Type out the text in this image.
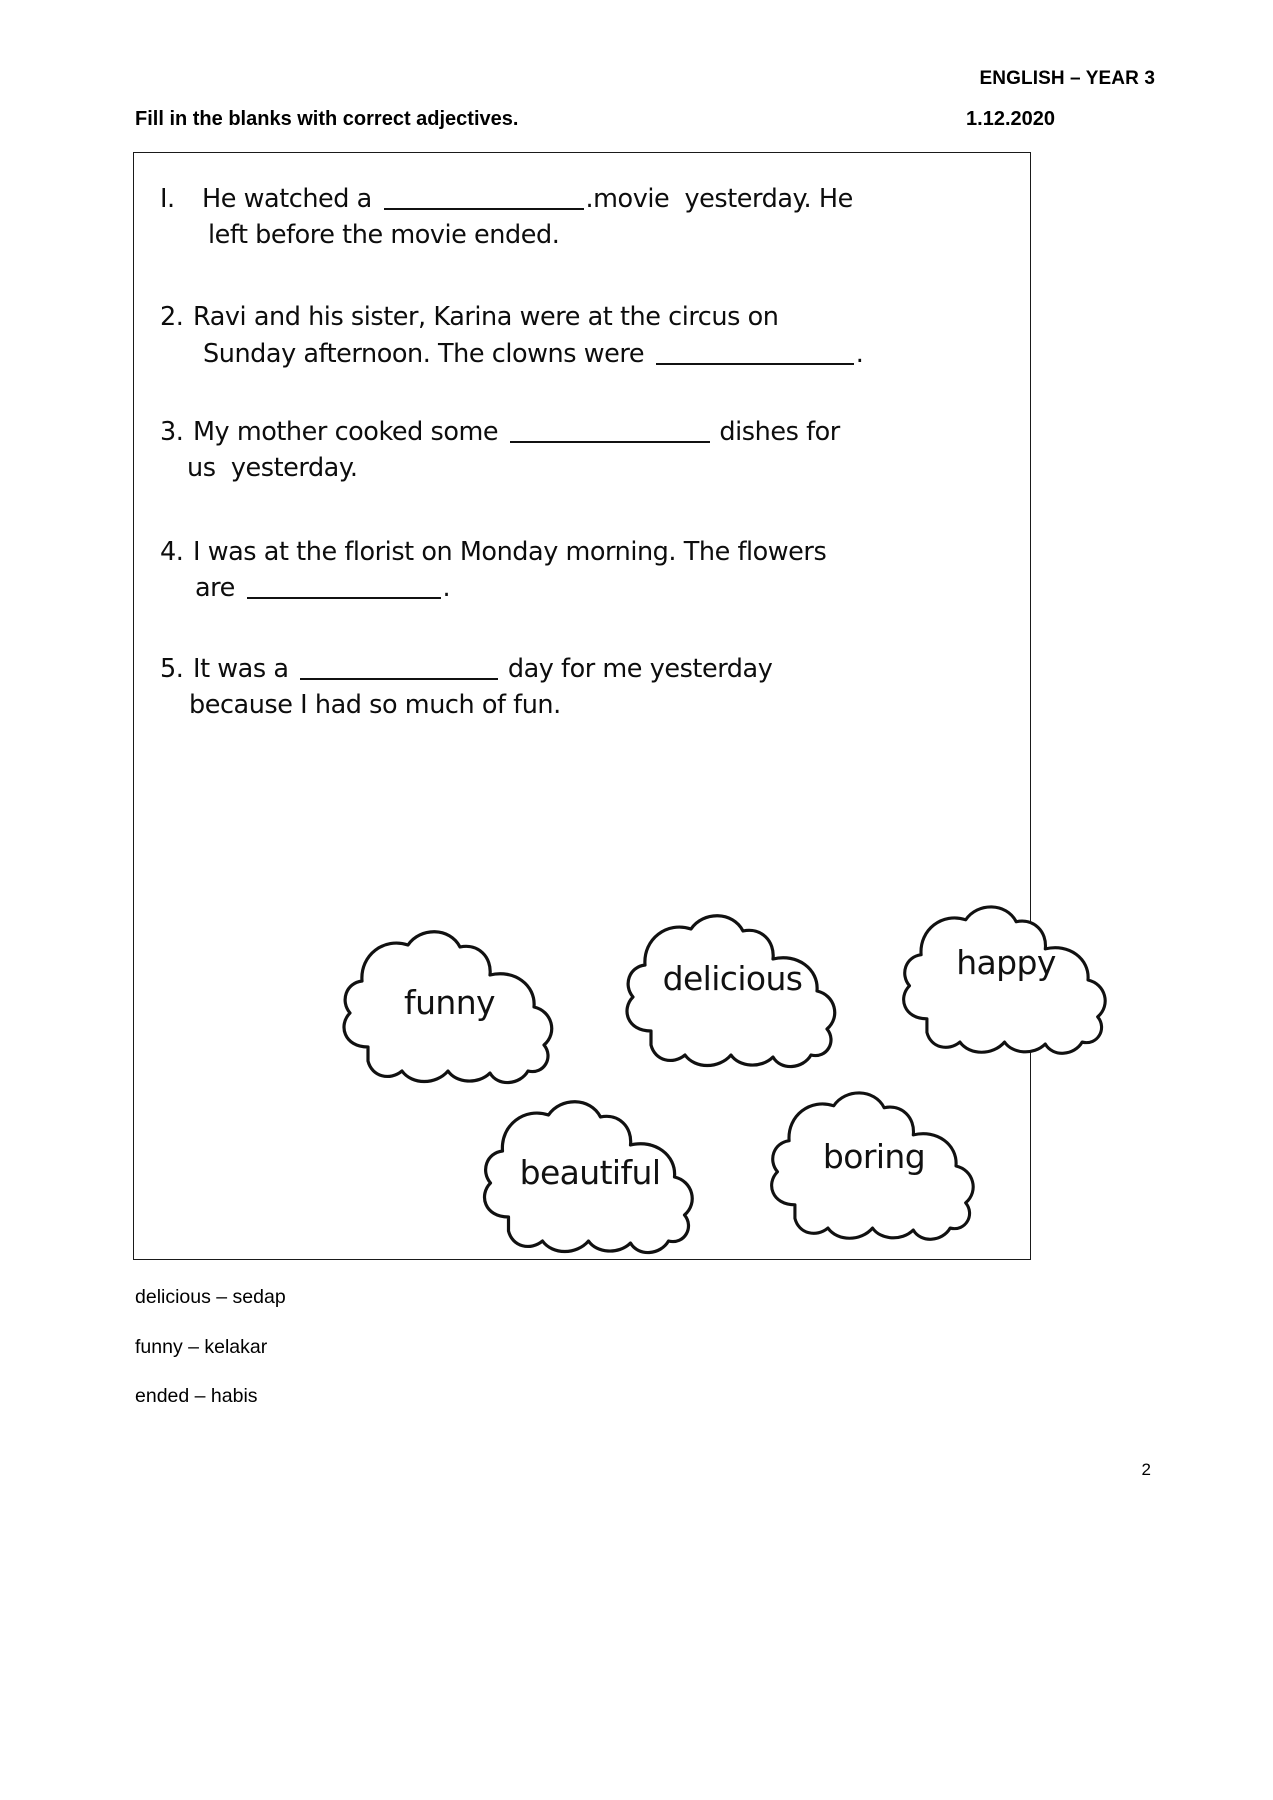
ENGLISH – YEAR 3
Fill in the blanks with correct adjectives.	1.12.2020
I.	He watched a	.movie  yesterday. He
left before the movie ended.
2. Ravi and his sister, Karina were at the circus on
Sunday afternoon. The clowns were	.
3. My mother cooked some	dishes for
us  yesterday.
4. I was at the florist on Monday morning. The flowers
are	.
5. It was a	day for me yesterday
because I had so much of fun.
funny
delicious	happy
beautiful	boring
delicious – sedap
funny – kelakar
ended – habis
2
